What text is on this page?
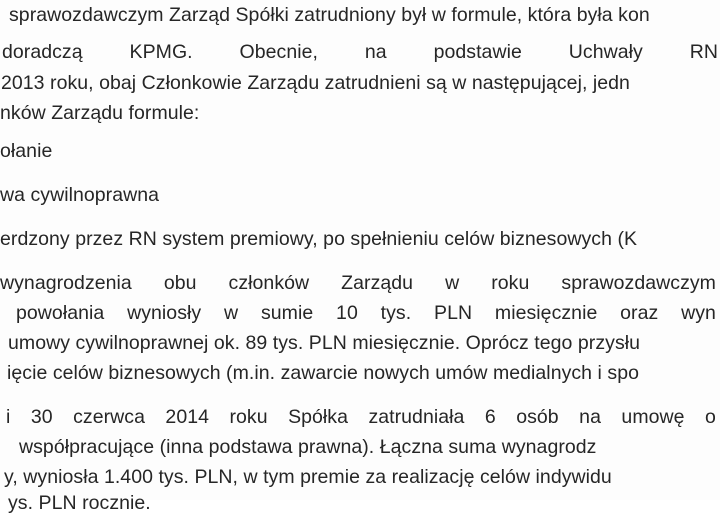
sprawozdawczym Zarząd Spółki zatrudniony był w formule, która była kon
doradczą KPMG. Obecnie, na podstawie Uchwały RN
2013 roku, obaj Członkowie Zarządu zatrudnieni są w następującej, jedn
nków Zarządu formule:
ołanie
wa cywilnoprawna
erdzony przez RN system premiowy, po spełnieniu celów biznesowych (K
wynagrodzenia obu członków Zarządu w roku sprawozdawczym
powołania wyniosły w sumie 10 tys. PLN miesięcznie oraz wyn
umowy cywilnoprawnej ok. 89 tys. PLN miesięcznie. Oprócz tego przysłu
ięcie celów biznesowych (m.in. zawarcie nowych umów medialnych i spo
i 30 czerwca 2014 roku Spółka zatrudniała 6 osób na umowę o
współpracujące (inna podstawa prawna). Łączna suma wynagrodz
y, wyniosła 1.400 tys. PLN, w tym premie za realizację celów indywidu
ys. PLN rocznie.
